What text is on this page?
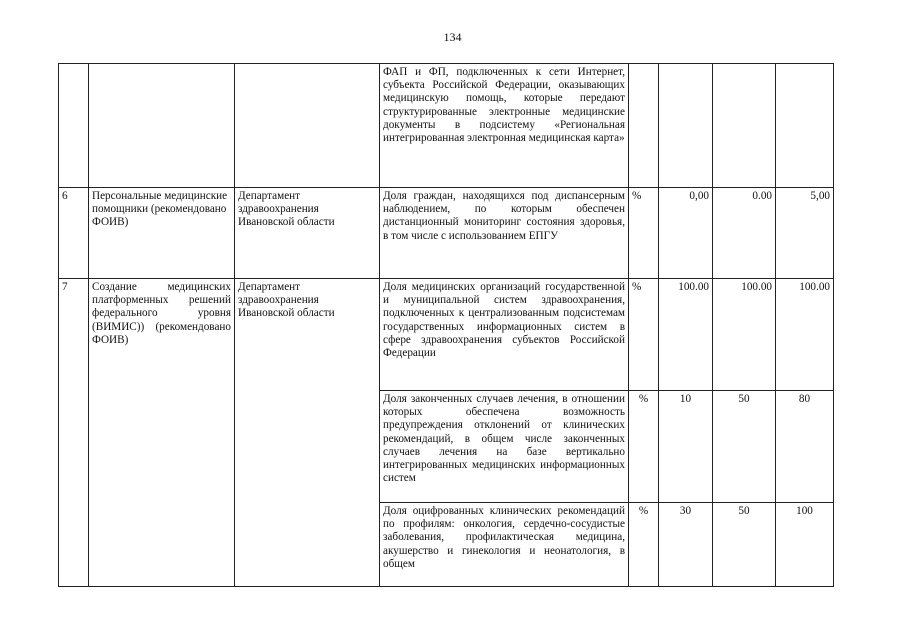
134
			ФАП и ФП, подключенных к сети Интернет, субъекта Российской Федерации, оказывающих медицинскую помощь, которые передают структурированные электронные медицинские документы в подсистему «Региональная интегрированная электронная медицинская карта»				
6	Персональные медицинские помощники (рекомендовано ФОИВ)	Департамент здравоохранения Ивановской области	Доля граждан, находящихся под диспансерным наблюдением, по которым обеспечен дистанционный мониторинг состояния здоровья, в том числе с использованием ЕПГУ	%	0,00	0.00	5,00
7	Создание медицинских платформенных решений федерального уровня (ВИМИС)) (рекомендовано ФОИВ)	Департамент здравоохранения Ивановской области	Доля медицинских организаций государственной и муниципальной систем здравоохранения, подключенных к централизованным подсистемам государственных информационных систем в сфере здравоохранения субъектов Российской Федерации	%	100.00	100.00	100.00
			Доля законченных случаев лечения, в отношении которых обеспечена возможность предупреждения отклонений от клинических рекомендаций, в общем числе законченных случаев лечения на базе вертикально интегрированных медицинских информационных систем	%	10	50	80
			Доля оцифрованных клинических рекомендаций по профилям: онкология, сердечно-сосудистые заболевания, профилактическая медицина, акушерство и гинекология и неонатология, в общем	%	30	50	100
